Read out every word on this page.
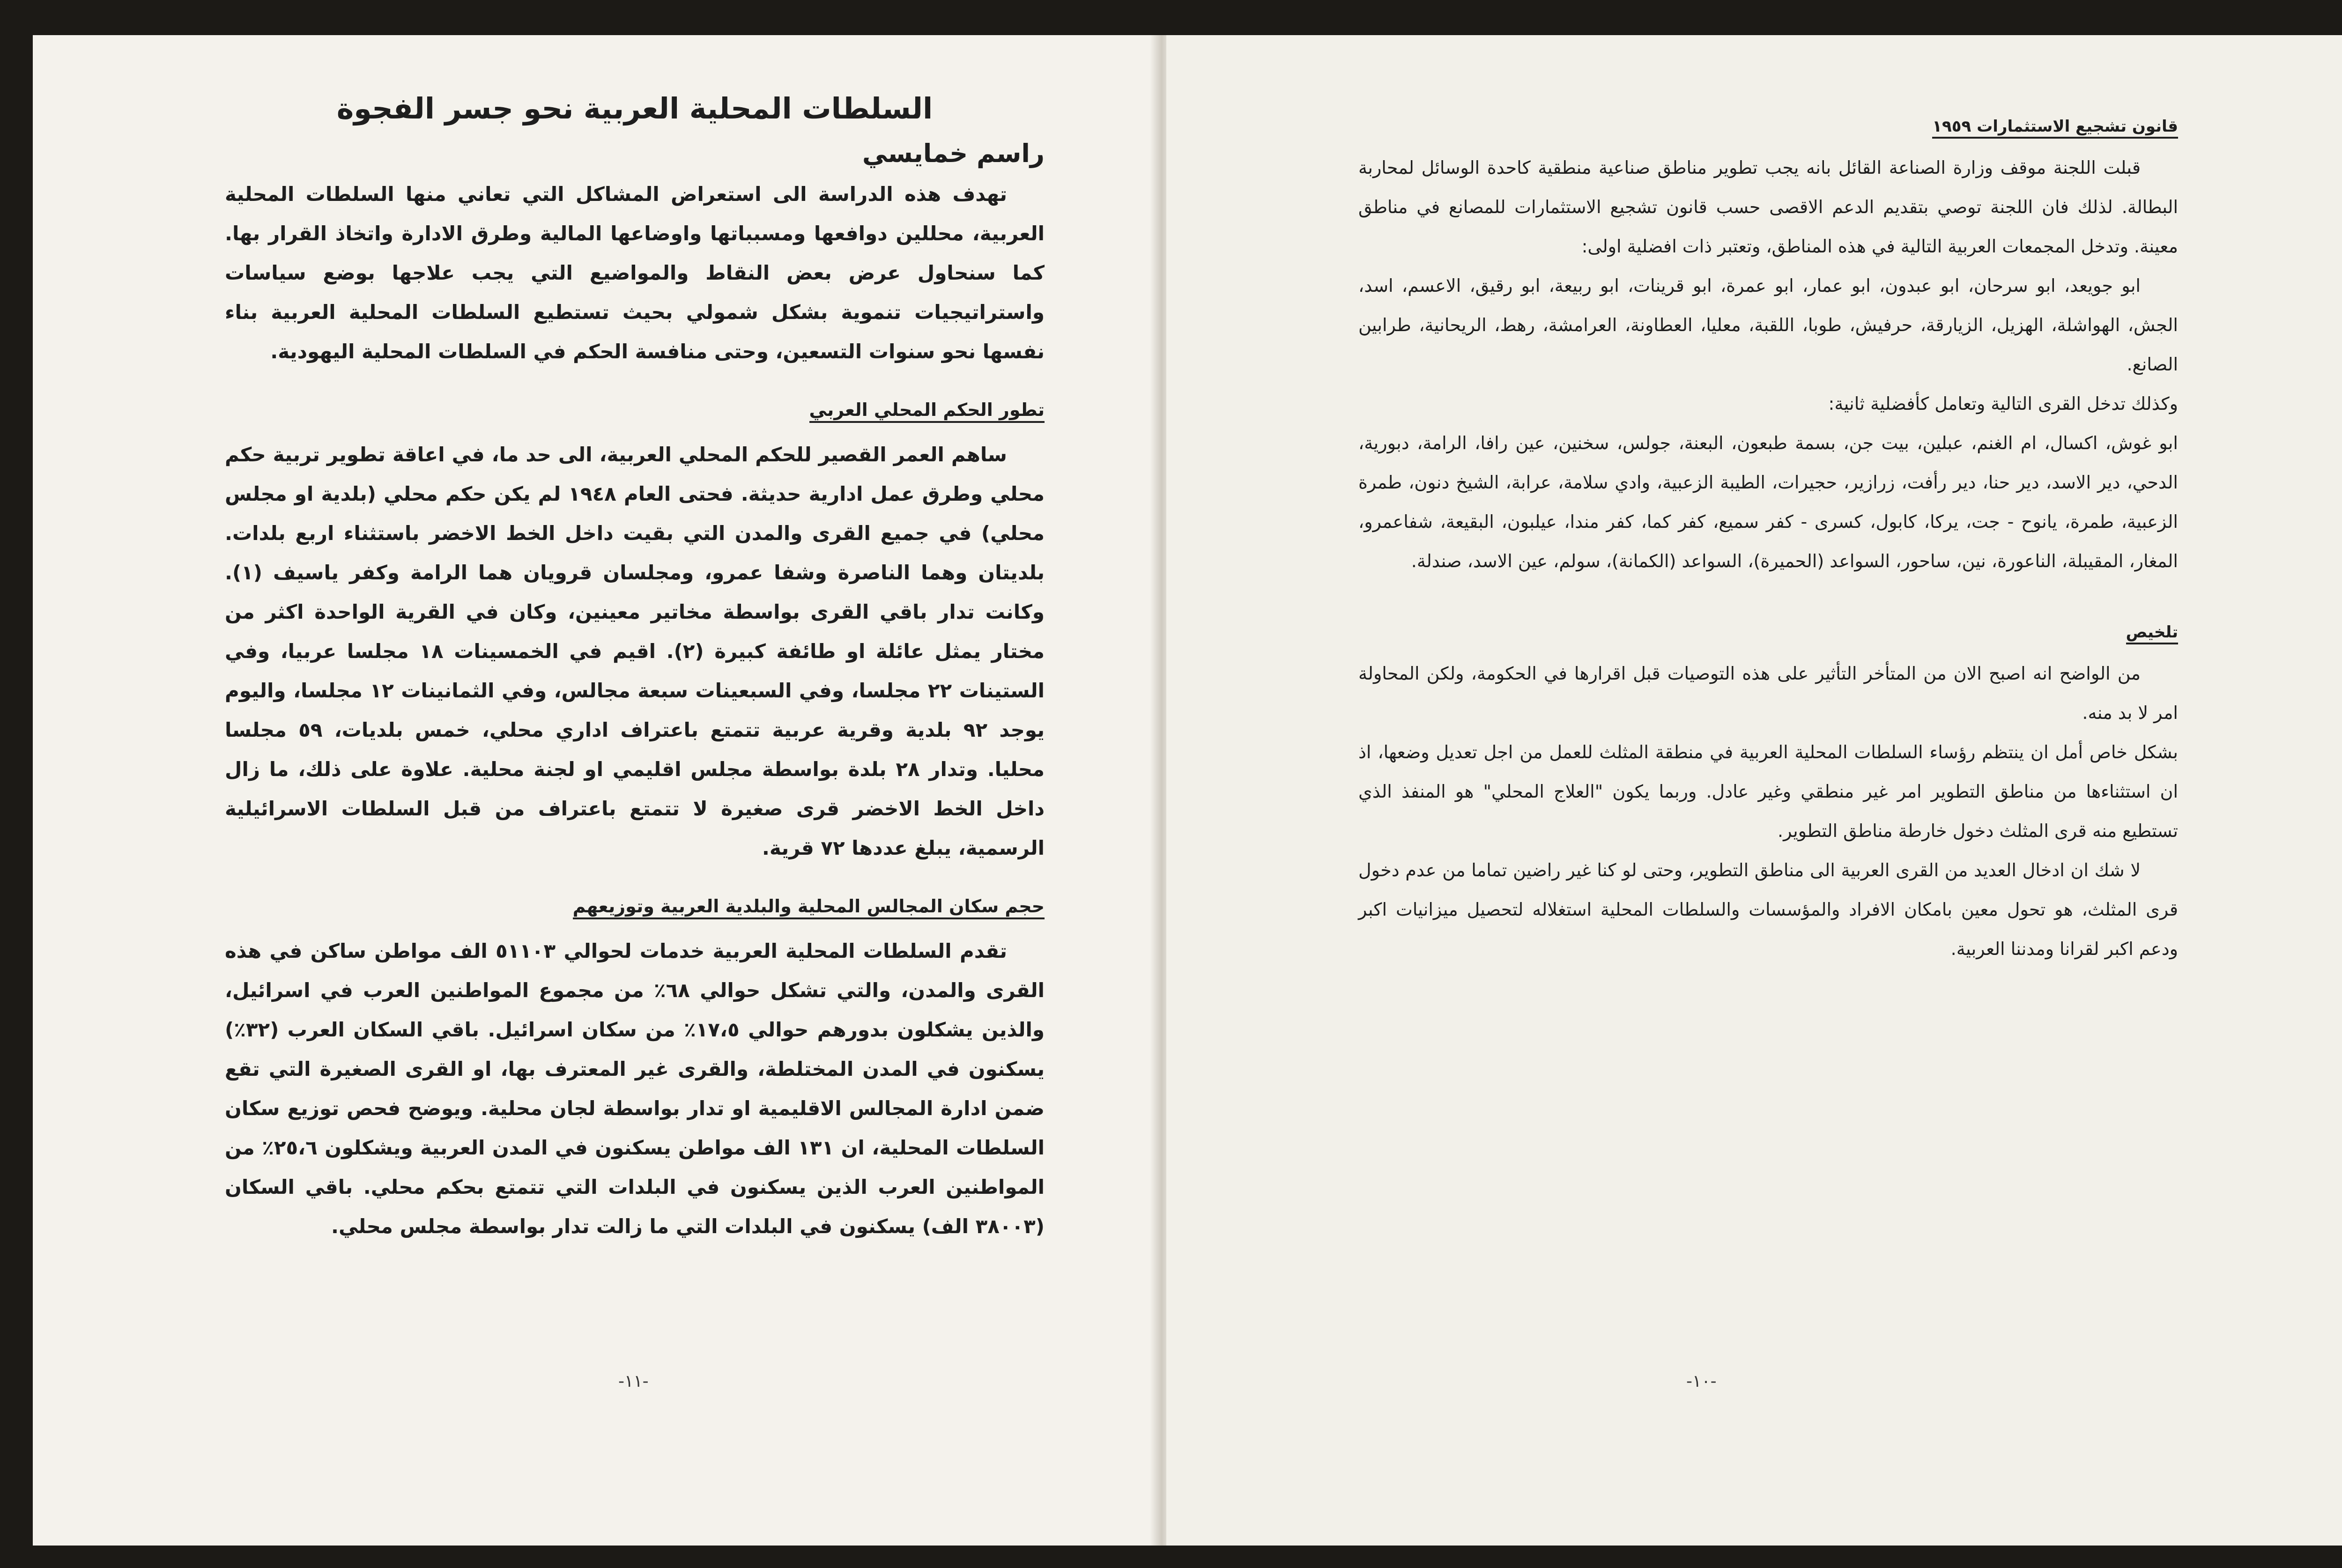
السلطات المحلية العربية نحو جسر الفجوة
راسم خمايسي

تهدف هذه الدراسة الى استعراض المشاكل التي تعاني منها السلطات المحلية العربية، محللين دوافعها ومسبباتها واوضاعها المالية وطرق الادارة واتخاذ القرار بها. كما سنحاول عرض بعض النقاط والمواضيع التي يجب علاجها بوضع سياسات واستراتيجيات تنموية بشكل شمولي بحيث تستطيع السلطات المحلية العربية بناء نفسها نحو سنوات التسعين، وحتى منافسة الحكم في السلطات المحلية اليهودية.

تطور الحكم المحلي العربي

ساهم العمر القصير للحكم المحلي العربية، الى حد ما، في اعاقة تطوير تربية حكم محلي وطرق عمل ادارية حديثة. فحتى العام ١٩٤٨ لم يكن حكم محلي (بلدية او مجلس محلي) في جميع القرى والمدن التي بقيت داخل الخط الاخضر باستثناء اربع بلدات. بلديتان وهما الناصرة وشفا عمرو، ومجلسان قرويان هما الرامة وكفر ياسيف (١). وكانت تدار باقي القرى بواسطة مخاتير معينين، وكان في القرية الواحدة اكثر من مختار يمثل عائلة او طائفة كبيرة (٢). اقيم في الخمسينات ١٨ مجلسا عربيا، وفي الستينات ٢٢ مجلسا، وفي السبعينات سبعة مجالس، وفي الثمانينات ١٢ مجلسا، واليوم يوجد ٩٢ بلدية وقرية عربية تتمتع باعتراف اداري محلي، خمس بلديات، ٥٩ مجلسا محليا. وتدار ٢٨ بلدة بواسطة مجلس اقليمي او لجنة محلية. علاوة على ذلك، ما زال داخل الخط الاخضر قرى صغيرة لا تتمتع باعتراف من قبل السلطات الاسرائيلية الرسمية، يبلغ عددها ٧٢ قرية.

حجم سكان المجالس المحلية والبلدية العربية وتوزيعهم

تقدم السلطات المحلية العربية خدمات لحوالي ٥١١٠٣ الف مواطن ساكن في هذه القرى والمدن، والتي تشكل حوالي ٦٨٪ من مجموع المواطنين العرب في اسرائيل، والذين يشكلون بدورهم حوالي ١٧،٥٪ من سكان اسرائيل. باقي السكان العرب (٣٢٪) يسكنون في المدن المختلطة، والقرى غير المعترف بها، او القرى الصغيرة التي تقع ضمن ادارة المجالس الاقليمية او تدار بواسطة لجان محلية. ويوضح فحص توزيع سكان السلطات المحلية، ان ١٣١ الف مواطن يسكنون في المدن العربية ويشكلون ٢٥،٦٪ من المواطنين العرب الذين يسكنون في البلدات التي تتمتع بحكم محلي. باقي السكان (٣٨٠٠٣ الف) يسكنون في البلدات التي ما زالت تدار بواسطة مجلس محلي.

-١١-
قانون تشجيع الاستثمارات ١٩٥٩

قبلت اللجنة موقف وزارة الصناعة القائل بانه يجب تطوير مناطق صناعية منطقية كاحدة الوسائل لمحاربة البطالة. لذلك فان اللجنة توصي بتقديم الدعم الاقصى حسب قانون تشجيع الاستثمارات للمصانع في مناطق معينة. وتدخل المجمعات العربية التالية في هذه المناطق، وتعتبر ذات افضلية اولى:

ابو جويعد، ابو سرحان، ابو عبدون، ابو عمار، ابو عمرة، ابو قرينات، ابو ربيعة، ابو رقيق، الاعسم، اسد، الجش، الهواشلة، الهزيل، الزيارقة، حرفيش، طوبا، اللقبة، معليا، العطاونة، العرامشة، رهط، الريحانية، طرابين الصانع.

وكذلك تدخل القرى التالية وتعامل كأفضلية ثانية:

ابو غوش، اكسال، ام الغنم، عبلين، بيت جن، بسمة طبعون، البعنة، جولس، سخنين، عين رافا، الرامة، دبورية، الدحي، دير الاسد، دير حنا، دير رأفت، زرازير، حجيرات، الطيبة الزعبية، وادي سلامة، عرابة، الشيخ دنون، طمرة الزعبية، طمرة، يانوح - جت، يركا، كابول، كسرى - كفر سميع، كفر كما، كفر مندا، عيلبون، البقيعة، شفاعمرو، المغار، المقيبلة، الناعورة، نين، ساحور، السواعد (الحميرة)، السواعد (الكمانة)، سولم، عين الاسد، صندلة.

تلخيص

من الواضح انه اصبح الان من المتأخر التأثير على هذه التوصيات قبل اقرارها في الحكومة، ولكن المحاولة امر لا بد منه.

بشكل خاص أمل ان ينتظم رؤساء السلطات المحلية العربية في منطقة المثلث للعمل من اجل تعديل وضعها، اذ ان استثناءها من مناطق التطوير امر غير منطقي وغير عادل. وربما يكون "العلاج المحلي" هو المنفذ الذي تستطيع منه قرى المثلث دخول خارطة مناطق التطوير.

لا شك ان ادخال العديد من القرى العربية الى مناطق التطوير، وحتى لو كنا غير راضين تماما من عدم دخول قرى المثلث، هو تحول معين بامكان الافراد والمؤسسات والسلطات المحلية استغلاله لتحصيل ميزانيات اكبر ودعم اكبر لقرانا ومدننا العربية.

-١٠-
